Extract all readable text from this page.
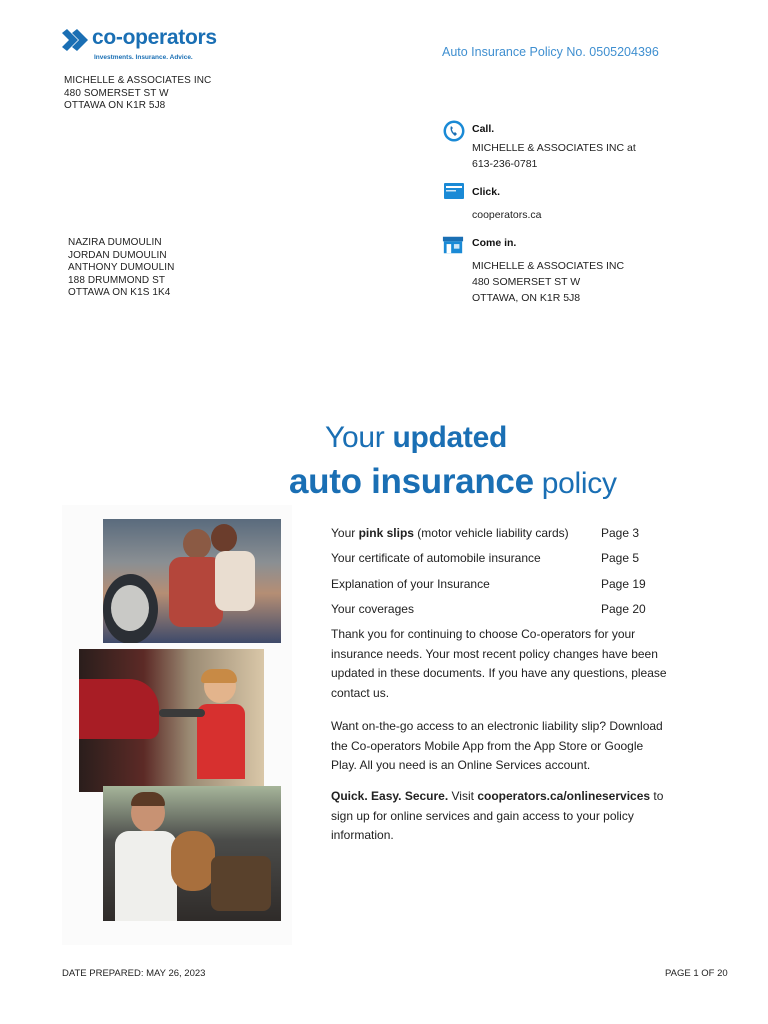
co-operators
Investments. Insurance. Advice.	Auto Insurance Policy No. 0505204396
MICHELLE & ASSOCIATES INC
480 SOMERSET ST W
OTTAWA ON K1R 5J8
NAZIRA DUMOULIN
JORDAN DUMOULIN
ANTHONY DUMOULIN
188 DRUMMOND ST
OTTAWA ON K1S 1K4
Call.
MICHELLE & ASSOCIATES INC at
613-236-0781
Click.
cooperators.ca
Come in.
MICHELLE & ASSOCIATES INC
480 SOMERSET ST W
OTTAWA, ON K1R 5J8
Your updated
auto insurance policy
Your pink slips (motor vehicle liability cards)	Page 3
Your certificate of automobile insurance	Page 5
Explanation of your Insurance	Page 19
Your coverages	Page 20
Thank you for continuing to choose Co-operators for your insurance needs. Your most recent policy changes have been updated in these documents. If you have any questions, please contact us.
Want on-the-go access to an electronic liability slip? Download the Co-operators Mobile App from the App Store or Google Play. All you need is an Online Services account.
Quick. Easy. Secure. Visit cooperators.ca/onlineservices to sign up for online services and gain access to your policy information.
DATE PREPARED: MAY 26, 2023	PAGE 1 OF 20
